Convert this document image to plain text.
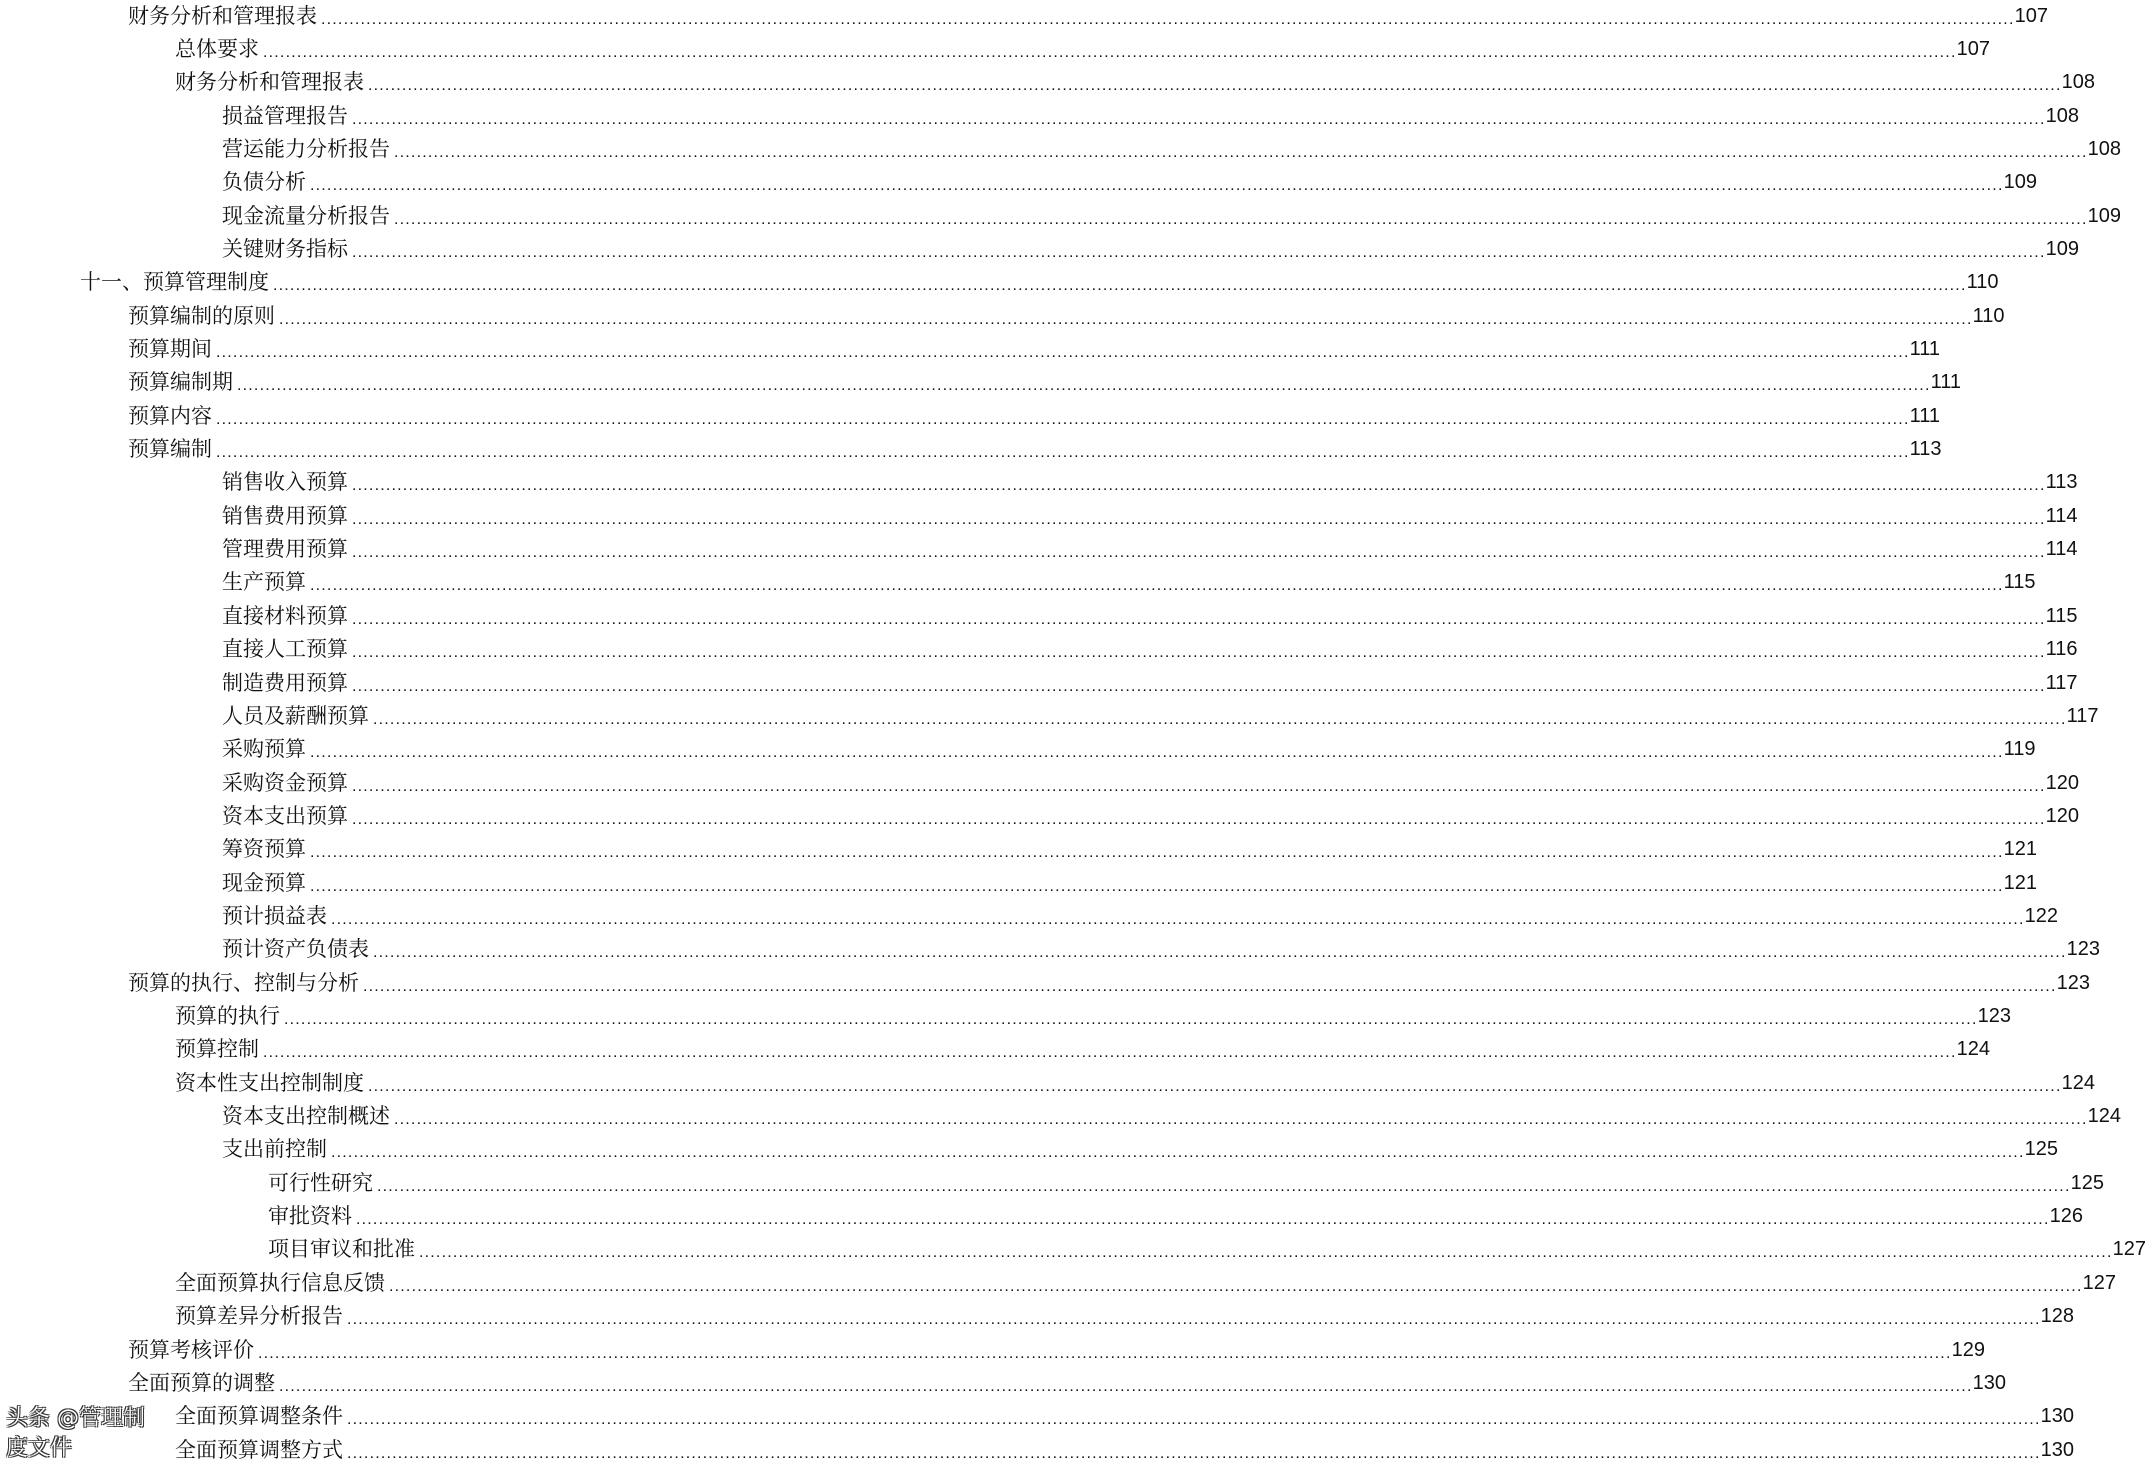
财务分析和管理报表 ............................................................................................................................................................................................................................................................................................................ 107
总体要求 ............................................................................................................................................................................................................................................................................................................ 107
财务分析和管理报表 ............................................................................................................................................................................................................................................................................................................ 108
损益管理报告 ............................................................................................................................................................................................................................................................................................................ 108
营运能力分析报告 ............................................................................................................................................................................................................................................................................................................ 108
负债分析 ............................................................................................................................................................................................................................................................................................................ 109
现金流量分析报告 ............................................................................................................................................................................................................................................................................................................ 109
关键财务指标 ............................................................................................................................................................................................................................................................................................................ 109
十一、预算管理制度 ............................................................................................................................................................................................................................................................................................................ 110
预算编制的原则 ............................................................................................................................................................................................................................................................................................................ 110
预算期间 ............................................................................................................................................................................................................................................................................................................ 111
预算编制期 ............................................................................................................................................................................................................................................................................................................ 111
预算内容 ............................................................................................................................................................................................................................................................................................................ 111
预算编制 ............................................................................................................................................................................................................................................................................................................ 113
销售收入预算 ............................................................................................................................................................................................................................................................................................................ 113
销售费用预算 ............................................................................................................................................................................................................................................................................................................ 114
管理费用预算 ............................................................................................................................................................................................................................................................................................................ 114
生产预算 ............................................................................................................................................................................................................................................................................................................ 115
直接材料预算 ............................................................................................................................................................................................................................................................................................................ 115
直接人工预算 ............................................................................................................................................................................................................................................................................................................ 116
制造费用预算 ............................................................................................................................................................................................................................................................................................................ 117
人员及薪酬预算 ............................................................................................................................................................................................................................................................................................................ 117
采购预算 ............................................................................................................................................................................................................................................................................................................ 119
采购资金预算 ............................................................................................................................................................................................................................................................................................................ 120
资本支出预算 ............................................................................................................................................................................................................................................................................................................ 120
筹资预算 ............................................................................................................................................................................................................................................................................................................ 121
现金预算 ............................................................................................................................................................................................................................................................................................................ 121
预计损益表 ............................................................................................................................................................................................................................................................................................................ 122
预计资产负债表 ............................................................................................................................................................................................................................................................................................................ 123
预算的执行、控制与分析 ............................................................................................................................................................................................................................................................................................................ 123
预算的执行 ............................................................................................................................................................................................................................................................................................................ 123
预算控制 ............................................................................................................................................................................................................................................................................................................ 124
资本性支出控制制度 ............................................................................................................................................................................................................................................................................................................ 124
资本支出控制概述 ............................................................................................................................................................................................................................................................................................................ 124
支出前控制 ............................................................................................................................................................................................................................................................................................................ 125
可行性研究 ............................................................................................................................................................................................................................................................................................................ 125
审批资料 ............................................................................................................................................................................................................................................................................................................ 126
项目审议和批准 ............................................................................................................................................................................................................................................................................................................ 127
全面预算执行信息反馈 ............................................................................................................................................................................................................................................................................................................ 127
预算差异分析报告 ............................................................................................................................................................................................................................................................................................................ 128
预算考核评价 ............................................................................................................................................................................................................................................................................................................ 129
全面预算的调整 ............................................................................................................................................................................................................................................................................................................ 130
全面预算调整条件 ............................................................................................................................................................................................................................................................................................................ 130
全面预算调整方式 ............................................................................................................................................................................................................................................................................................................ 130
头条 @管理制度文件
